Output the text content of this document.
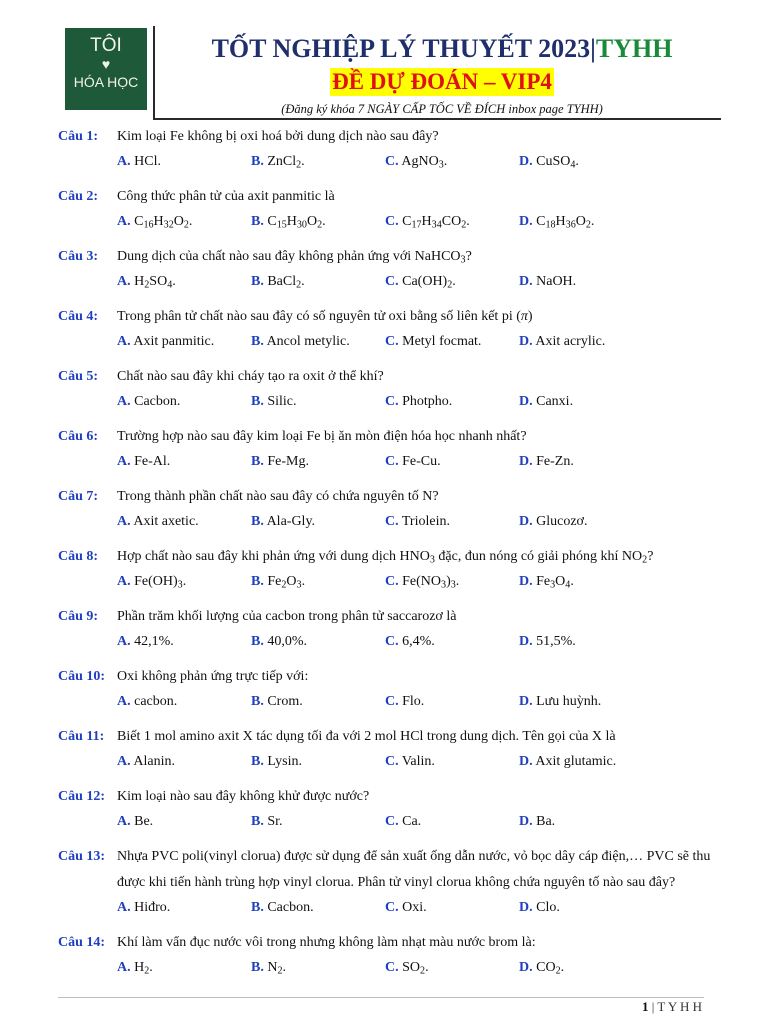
TÔI
♥
HÓA HỌC
TỐT NGHIỆP LÝ THUYẾT 2023|TYHH
ĐỀ DỰ ĐOÁN – VIP4
(Đăng ký khóa 7 NGÀY CẤP TỐC VỀ ĐÍCH inbox page TYHH)
Câu 1:	Kim loại Fe không bị oxi hoá bởi dung dịch nào sau đây?
A. HCl.	B. ZnCl$_2$.	C. AgNO$_3$.	D. CuSO$_4$.
Câu 2:	Công thức phân tử của axit panmitic là
A. $C_{16}H_{32}O_2$.	B. $C_{15}H_{30}O_2$.	C. $C_{17}H_{34}CO_2$.	D. $C_{18}H_{36}O_2$.
Câu 3:	Dung dịch của chất nào sau đây không phản ứng với NaHCO$_3$?
A. $H_2SO_4$.	B. BaCl$_2$.	C. $Ca(OH)_2$.	D. NaOH.
Câu 4:	Trong phân tử chất nào sau đây có số nguyên tử oxi bằng số liên kết pi (π)
A. Axit panmitic.	B. Ancol metylic.	C. Metyl focmat.	D. Axit acrylic.
Câu 5:	Chất nào sau đây khi cháy tạo ra oxit ở thể khí?
A. Cacbon.	B. Silic.	C. Photpho.	D. Canxi.
Câu 6:	Trường hợp nào sau đây kim loại Fe bị ăn mòn điện hóa học nhanh nhất?
A. Fe-Al.	B. Fe-Mg.	C. Fe-Cu.	D. Fe-Zn.
Câu 7:	Trong thành phần chất nào sau đây có chứa nguyên tố N?
A. Axit axetic.	B. Ala-Gly.	C. Triolein.	D. Glucozơ.
Câu 8:	Hợp chất nào sau đây khi phản ứng với dung dịch $HNO_3$ đặc, đun nóng có giải phóng khí $NO_2$?
A. $Fe(OH)_3$.	B. $Fe_2O_3$.	C. $Fe(NO_3)_3$.	D. $Fe_3O_4$.
Câu 9:	Phần trăm khối lượng của cacbon trong phân tử saccarozơ là
A. 42,1%.	B. 40,0%.	C. 6,4%.	D. 51,5%.
Câu 10: Oxi không phản ứng trực tiếp với:
A. cacbon.	B. Crom.	C. Flo.	D. Lưu huỳnh.
Câu 11: Biết 1 mol amino axit X tác dụng tối đa với 2 mol HCl trong dung dịch. Tên gọi của X là
A. Alanin.	B. Lysin.	C. Valin.	D. Axit glutamic.
Câu 12: Kim loại nào sau đây không khử được nước?
A. Be.	B. Sr.	C. Ca.	D. Ba.
Câu 13: Nhựa PVC poli(vinyl clorua) được sử dụng để sản xuất ống dẫn nước, vỏ bọc dây cáp điện,… PVC sẽ thu được khi tiến hành trùng hợp vinyl clorua. Phân tử vinyl clorua không chứa nguyên tố nào sau đây?
A. Hiđro.	B. Cacbon.	C. Oxi.	D. Clo.
Câu 14: Khí làm vẩn đục nước vôi trong nhưng không làm nhạt màu nước brom là:
A. $H_2$.	B. $N_2$.	C. $SO_2$.	D. $CO_2$.
1 | T Y H H
